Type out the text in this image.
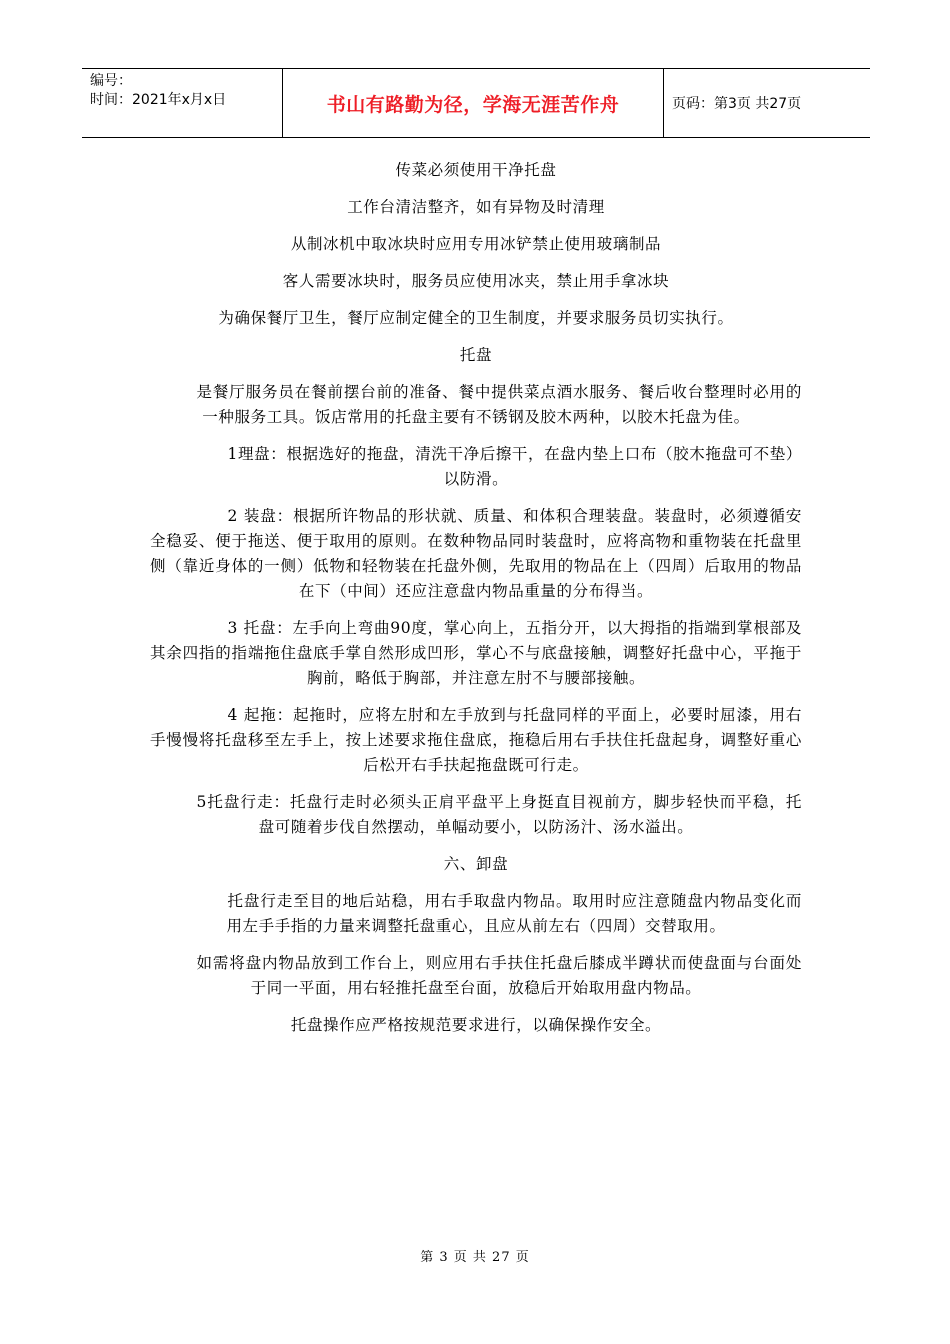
编号：
时间：2021年x月x日	书山有路勤为径，学海无涯苦作舟	页码：第3页 共27页

传菜必须使用干净托盘

工作台清洁整齐，如有异物及时清理

从制冰机中取冰块时应用专用冰铲禁止使用玻璃制品

客人需要冰块时，服务员应使用冰夹，禁止用手拿冰块

为确保餐厅卫生，餐厅应制定健全的卫生制度，并要求服务员切实执行。

托盘

是餐厅服务员在餐前摆台前的准备、餐中提供菜点酒水服务、餐后收台整理时必用的一种服务工具。饭店常用的托盘主要有不锈钢及胶木两种，以胶木托盘为佳。

1理盘：根据选好的拖盘，清洗干净后擦干，在盘内垫上口布（胶木拖盘可不垫）以防滑。

2 装盘：根据所许物品的形状就、质量、和体积合理装盘。装盘时，必须遵循安全稳妥、便于拖送、便于取用的原则。在数种物品同时装盘时，应将高物和重物装在托盘里侧（靠近身体的一侧）低物和轻物装在托盘外侧，先取用的物品在上（四周）后取用的物品在下（中间）还应注意盘内物品重量的分布得当。

3 托盘：左手向上弯曲90度，掌心向上，五指分开，以大拇指的指端到掌根部及其余四指的指端拖住盘底手掌自然形成凹形，掌心不与底盘接触，调整好托盘中心，平拖于胸前，略低于胸部，并注意左肘不与腰部接触。

4 起拖：起拖时，应将左肘和左手放到与托盘同样的平面上，必要时屈漆，用右手慢慢将托盘移至左手上，按上述要求拖住盘底，拖稳后用右手扶住托盘起身，调整好重心后松开右手扶起拖盘既可行走。

5托盘行走：托盘行走时必须头正肩平盘平上身挺直目视前方，脚步轻快而平稳，托盘可随着步伐自然摆动，单幅动要小，以防汤汁、汤水溢出。

六、卸盘

托盘行走至目的地后站稳，用右手取盘内物品。取用时应注意随盘内物品变化而用左手手指的力量来调整托盘重心，且应从前左右（四周）交替取用。

如需将盘内物品放到工作台上，则应用右手扶住托盘后膝成半蹲状而使盘面与台面处于同一平面，用右轻推托盘至台面，放稳后开始取用盘内物品。

托盘操作应严格按规范要求进行，以确保操作安全。

第 3 页 共 27 页
